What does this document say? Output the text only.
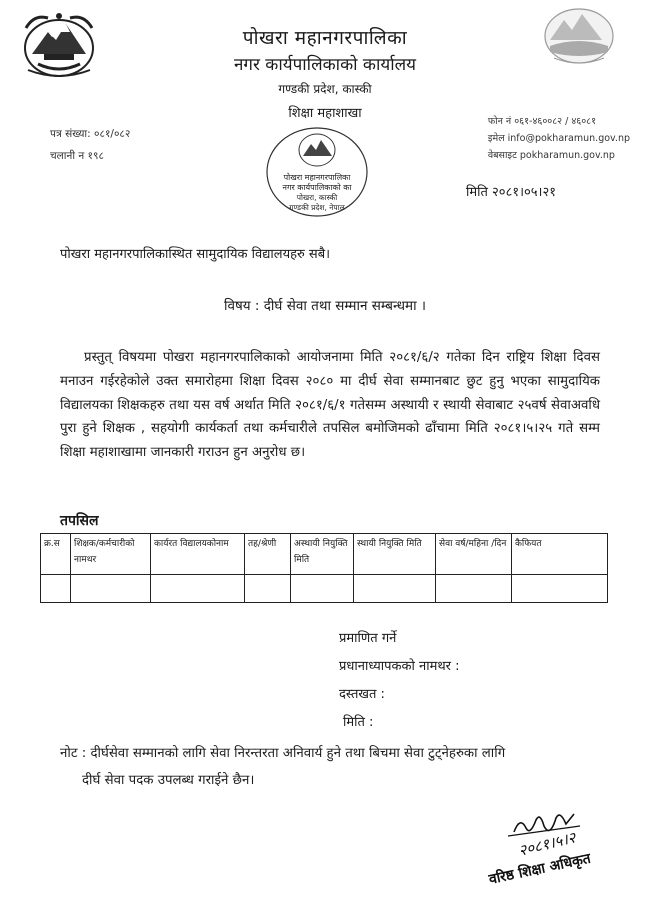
पोखरा महानगरपालिका
नगर कार्यपालिकाको कार्यालय
गण्डकी प्रदेश, कास्की
शिक्षा महाशाखा
पत्र संख्या: ०८१/०८२
चलानी न १९८
फोन नं ०६१-४६००८२ / ४६०८१
इमेल info@pokharamun.gov.np
वेबसाइट pokharamun.gov.np
मिति २०८१।०५।२१
पोखरा महानगरपालिका
नगर कार्यपालिकाको का
पोखरा, कास्की
गण्डकी प्रदेश, नेपाल
पोखरा महानगरपालिकास्थित सामुदायिक विद्यालयहरु सबै।
विषय : दीर्घ सेवा तथा सम्मान सम्बन्धमा ।
प्रस्तुत् विषयमा पोखरा महानगरपालिकाको आयोजनामा मिति २०८१/६/२ गतेका दिन राष्ट्रिय शिक्षा दिवस मनाउन गईरहेकोले उक्त समारोहमा शिक्षा दिवस २०८० मा दीर्घ सेवा सम्मानबाट छुट हुनु भएका सामुदायिक विद्यालयका शिक्षकहरु तथा यस वर्ष अर्थात मिति २०८१/६/१ गतेसम्म अस्थायी र स्थायी सेवाबाट २५वर्ष सेवाअवधि पुरा हुने शिक्षक , सहयोगी कार्यकर्ता तथा कर्मचारीले तपसिल बमोजिमको ढाँचामा मिति २०८१।५।२५ गते सम्म शिक्षा महाशाखामा जानकारी गराउन हुन अनुरोध छ।
तपसिल
क्र.स	शिक्षक/कर्मचारीको नामथर	कार्यरत विद्यालयकोनाम	तह/श्रेणी	अस्थायी नियुक्ति मिति	स्थायी नियुक्ति मिति	सेवा वर्ष/महिना /दिन	कैफियत

प्रमाणित गर्ने
प्रधानाध्यापकको नामथर :
दस्तखत :
मिति :
नोट : दीर्घसेवा सम्मानको लागि सेवा निरन्तरता अनिवार्य हुने तथा बिचमा सेवा टुट्नेहरुका लागि
दीर्घ सेवा पदक उपलब्ध गराईने छैन।
२०८१।५।२
वरिष्ठ शिक्षा अधिकृत
